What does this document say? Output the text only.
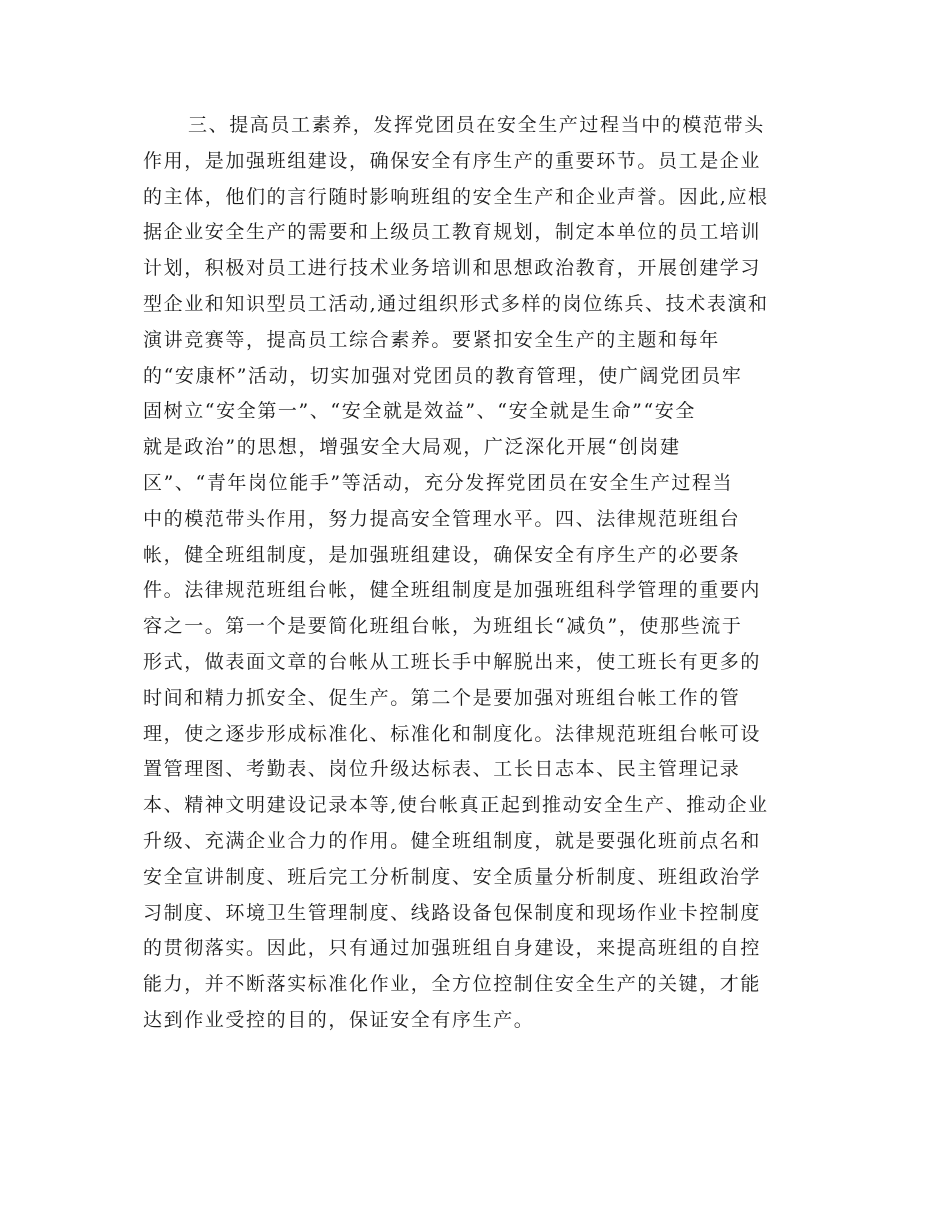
三、提高员工素养，发挥党团员在安全生产过程当中的模范带头
作用，是加强班组建设，确保安全有序生产的重要环节。员工是企业
的主体，他们的言行随时影响班组的安全生产和企业声誉。因此,应根
据企业安全生产的需要和上级员工教育规划，制定本单位的员工培训
计划，积极对员工进行技术业务培训和思想政治教育，开展创建学习
型企业和知识型员工活动,通过组织形式多样的岗位练兵、技术表演和
演讲竞赛等，提高员工综合素养。要紧扣安全生产的主题和每年
的“安康杯”活动，切实加强对党团员的教育管理，使广阔党团员牢
固树立“安全第一”、“安全就是效益”、“安全就是生命”“安全
就是政治”的思想，增强安全大局观，广泛深化开展“创岗建
区”、“青年岗位能手”等活动，充分发挥党团员在安全生产过程当
中的模范带头作用，努力提高安全管理水平。四、法律规范班组台
帐，健全班组制度，是加强班组建设，确保安全有序生产的必要条
件。法律规范班组台帐，健全班组制度是加强班组科学管理的重要内
容之一。第一个是要简化班组台帐，为班组长“减负”，使那些流于
形式，做表面文章的台帐从工班长手中解脱出来，使工班长有更多的
时间和精力抓安全、促生产。第二个是要加强对班组台帐工作的管
理，使之逐步形成标准化、标准化和制度化。法律规范班组台帐可设
置管理图、考勤表、岗位升级达标表、工长日志本、民主管理记录
本、精神文明建设记录本等,使台帐真正起到推动安全生产、推动企业
升级、充满企业合力的作用。健全班组制度，就是要强化班前点名和
安全宣讲制度、班后完工分析制度、安全质量分析制度、班组政治学
习制度、环境卫生管理制度、线路设备包保制度和现场作业卡控制度
的贯彻落实。因此，只有通过加强班组自身建设，来提高班组的自控
能力，并不断落实标准化作业，全方位控制住安全生产的关键，才能
达到作业受控的目的，保证安全有序生产。
